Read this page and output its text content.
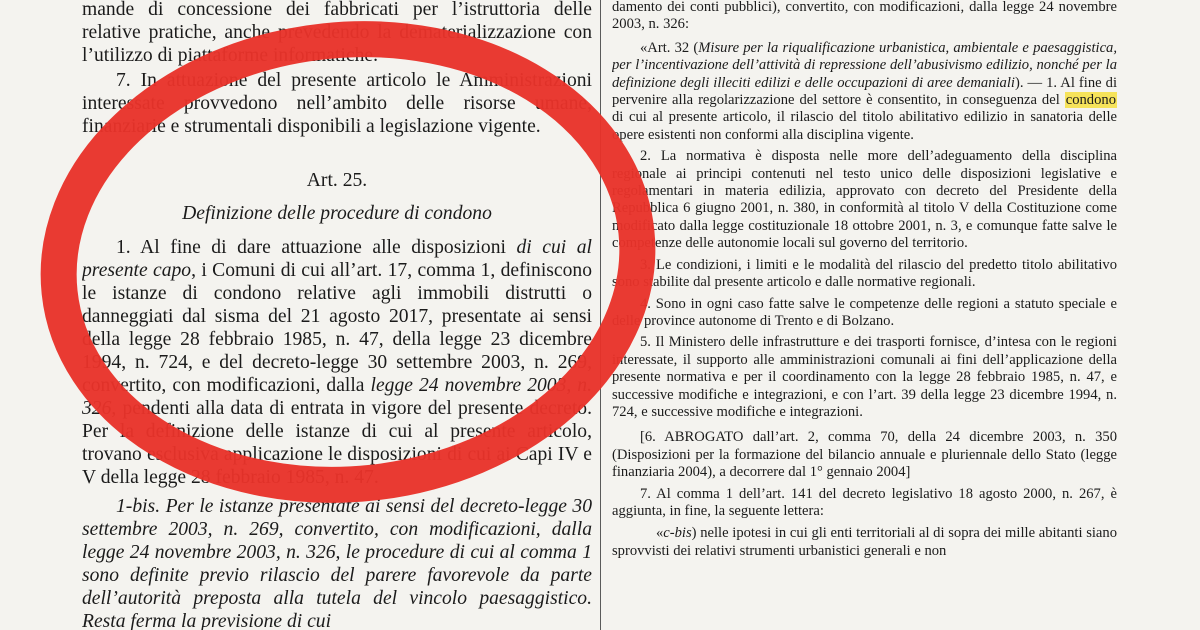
mande di concessione dei fabbricati per l’istruttoria delle relative pratiche, anche prevedendo la dematerializzazione con l’utilizzo di piattaforme informatiche.

7. In attuazione del presente articolo le Amministrazioni interessate provvedono nell’ambito delle risorse umane, finanziarie e strumentali disponibili a legislazione vigente.

Art. 25.

Definizione delle procedure di condono

1. Al fine di dare attuazione alle disposizioni di cui al presente capo, i Comuni di cui all’art. 17, comma 1, definiscono le istanze di condono relative agli immobili distrutti o danneggiati dal sisma del 21 agosto 2017, presentate ai sensi della legge 28 febbraio 1985, n. 47, della legge 23 dicembre 1994, n. 724, e del decreto-legge 30 settembre 2003, n. 269, convertito, con modificazioni, dalla legge 24 novembre 2003, n. 326, pendenti alla data di entrata in vigore del presente decreto. Per la definizione delle istanze di cui al presente articolo, trovano esclusiva applicazione le disposizioni di cui ai Capi IV e V della legge 28 febbraio 1985, n. 47.

1-bis. Per le istanze presentate ai sensi del decreto-legge 30 settembre 2003, n. 269, convertito, con modificazioni, dalla legge 24 novembre 2003, n. 326, le procedure di cui al comma 1 sono definite previo rilascio del parere favorevole da parte dell’autorità preposta alla tutela del vincolo paesaggistico. Resta ferma la previsione di cui

damento dei conti pubblici), convertito, con modificazioni, dalla legge 24 novembre 2003, n. 326:

«Art. 32 (Misure per la riqualificazione urbanistica, ambientale e paesaggistica, per l’incentivazione dell’attività di repressione dell’abusivismo edilizio, nonché per la definizione degli illeciti edilizi e delle occupazioni di aree demaniali). — 1. Al fine di pervenire alla regolarizzazione del settore è consentito, in conseguenza del condono di cui al presente articolo, il rilascio del titolo abilitativo edilizio in sanatoria delle opere esistenti non conformi alla disciplina vigente.

2. La normativa è disposta nelle more dell’adeguamento della disciplina regionale ai principi contenuti nel testo unico delle disposizioni legislative e regolamentari in materia edilizia, approvato con decreto del Presidente della Repubblica 6 giugno 2001, n. 380, in conformità al titolo V della Costituzione come modificato dalla legge costituzionale 18 ottobre 2001, n. 3, e comunque fatte salve le competenze delle autonomie locali sul governo del territorio.

3. Le condizioni, i limiti e le modalità del rilascio del predetto titolo abilitativo sono stabilite dal presente articolo e dalle normative regionali.

4. Sono in ogni caso fatte salve le competenze delle regioni a statuto speciale e delle province autonome di Trento e di Bolzano.

5. Il Ministero delle infrastrutture e dei trasporti fornisce, d’intesa con le regioni interessate, il supporto alle amministrazioni comunali ai fini dell’applicazione della presente normativa e per il coordinamento con la legge 28 febbraio 1985, n. 47, e successive modifiche e integrazioni, e con l’art. 39 della legge 23 dicembre 1994, n. 724, e successive modifiche e integrazioni.

[6. ABROGATO dall’art. 2, comma 70, della 24 dicembre 2003, n. 350 (Disposizioni per la formazione del bilancio annuale e pluriennale dello Stato (legge finanziaria 2004), a decorrere dal 1° gennaio 2004]

7. Al comma 1 dell’art. 141 del decreto legislativo 18 agosto 2000, n. 267, è aggiunta, in fine, la seguente lettera:

«c-bis) nelle ipotesi in cui gli enti territoriali al di sopra dei mille abitanti siano sprovvisti dei relativi strumenti urbanistici generali e non
